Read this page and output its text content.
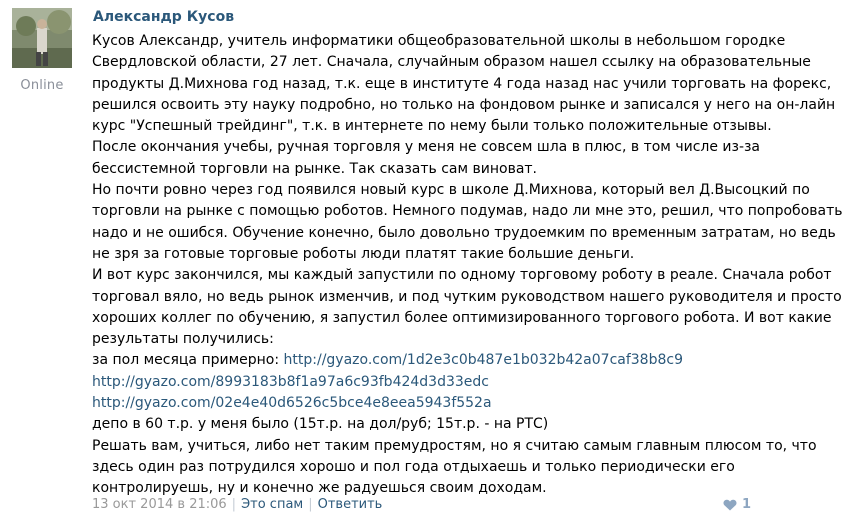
Online
Александр Кусов
Кусов Александр, учитель информатики общеобразовательной школы в небольшом городке
Свердловской области, 27 лет. Сначала, случайным образом нашел ссылку на образовательные
продукты Д.Михнова год назад, т.к. еще в институте 4 года назад нас учили торговать на форекс,
решился освоить эту науку подробно, но только на фондовом рынке и записался у него на он-лайн
курс "Успешный трейдинг", т.к. в интернете по нему были только положительные отзывы.
После окончания учебы, ручная торговля у меня не совсем шла в плюс, в том числе из-за
бессистемной торговли на рынке. Так сказать сам виноват.
Но почти ровно через год появился новый курс в школе Д.Михнова, который вел Д.Высоцкий по
торговли на рынке с помощью роботов. Немного подумав, надо ли мне это, решил, что попробовать
надо и не ошибся. Обучение конечно, было довольно трудоемким по временным затратам, но ведь
не зря за готовые торговые роботы люди платят такие большие деньги.
И вот курс закончился, мы каждый запустили по одному торговому роботу в реале. Сначала робот
торговал вяло, но ведь рынок изменчив, и под чутким руководством нашего руководителя и просто
хороших коллег по обучению, я запустил более оптимизированного торгового робота. И вот какие
результаты получились:
за пол месяца примерно: http://gyazo.com/1d2e3c0b487e1b032b42a07caf38b8c9
http://gyazo.com/8993183b8f1a97a6c93fb424d3d33edc
http://gyazo.com/02e4e40d6526c5bce4e8eea5943f552a
депо в 60 т.р. у меня было (15т.р. на дол/руб; 15т.р. - на РТС)
Решать вам, учиться, либо нет таким премудростям, но я считаю самым главным плюсом то, что
здесь один раз потрудился хорошо и пол года отдыхаешь и только периодически его
контролируешь, ну и конечно же радуешься своим доходам.
13 окт 2014 в 21:06 | Это спам | Ответить	1
